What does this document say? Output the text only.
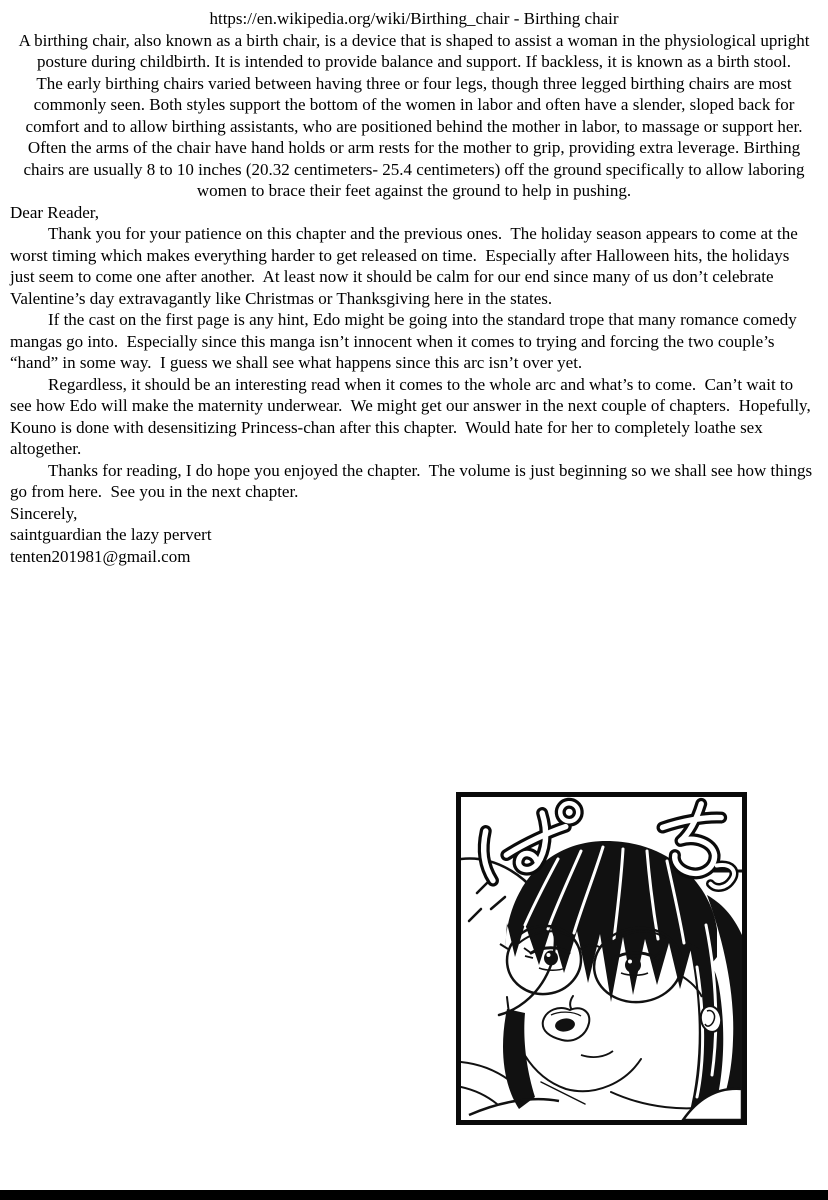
https://en.wikipedia.org/wiki/Birthing_chair - Birthing chair

A birthing chair, also known as a birth chair, is a device that is shaped to assist a woman in the physiological upright posture during childbirth. It is intended to provide balance and support. If backless, it is known as a birth stool.

The early birthing chairs varied between having three or four legs, though three legged birthing chairs are most commonly seen. Both styles support the bottom of the women in labor and often have a slender, sloped back for comfort and to allow birthing assistants, who are positioned behind the mother in labor, to massage or support her. Often the arms of the chair have hand holds or arm rests for the mother to grip, providing extra leverage. Birthing chairs are usually 8 to 10 inches (20.32 centimeters- 25.4 centimeters) off the ground specifically to allow laboring women to brace their feet against the ground to help in pushing.

Dear Reader,

Thank you for your patience on this chapter and the previous ones.  The holiday season appears to come at the worst timing which makes everything harder to get released on time.  Especially after Halloween hits, the holidays just seem to come one after another.  At least now it should be calm for our end since many of us don’t celebrate Valentine’s day extravagantly like Christmas or Thanksgiving here in the states.

If the cast on the first page is any hint, Edo might be going into the standard trope that many romance comedy mangas go into.  Especially since this manga isn’t innocent when it comes to trying and forcing the two couple’s “hand” in some way.  I guess we shall see what happens since this arc isn’t over yet.

Regardless, it should be an interesting read when it comes to the whole arc and what’s to come.  Can’t wait to see how Edo will make the maternity underwear.  We might get our answer in the next couple of chapters.  Hopefully, Kouno is done with desensitizing Princess-chan after this chapter.  Would hate for her to completely loathe sex altogether.

Thanks for reading, I do hope you enjoyed the chapter.  The volume is just beginning so we shall see how things go from here.  See you in the next chapter.

Sincerely,

saintguardian the lazy pervert

tenten201981@gmail.com
